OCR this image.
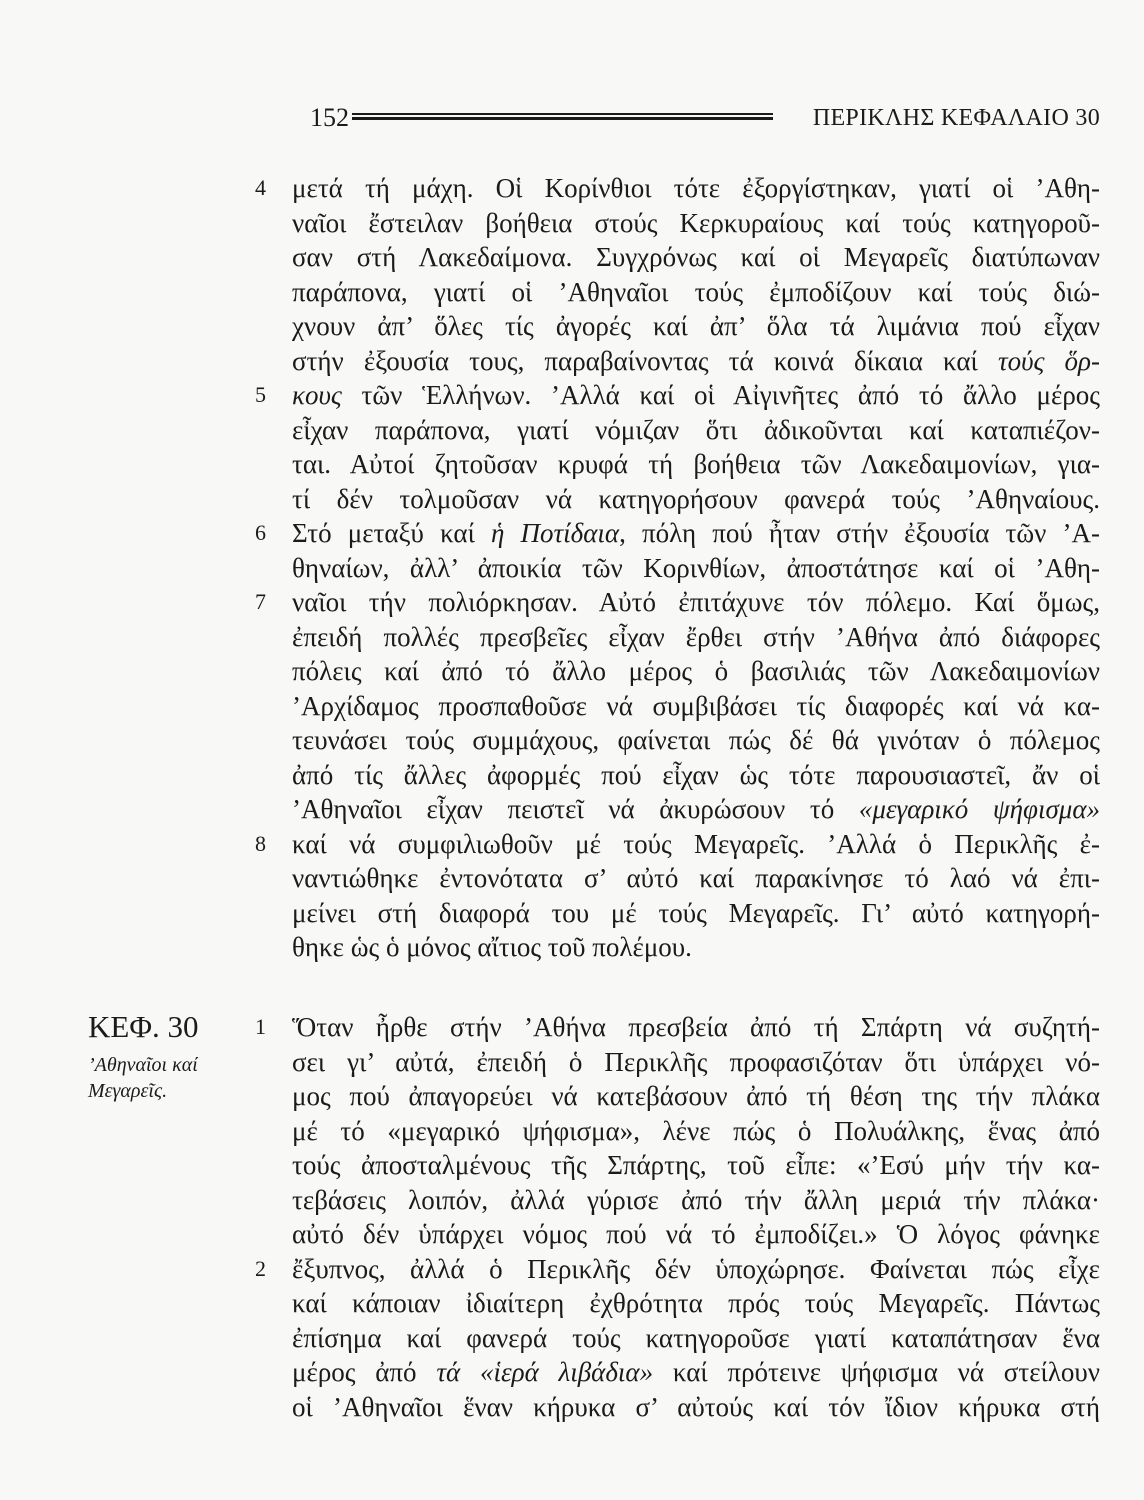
152	ΠΕΡΙΚΛΗΣ ΚΕΦΑΛΑΙΟ 30
ΚΕΦ. 30
’Αθηναῖοι καί
Μεγαρεῖς.
4 μετά τή μάχη. Οἱ Κορίνθιοι τότε ἐξοργίστηκαν, γιατί οἱ ’Αθη-
ναῖοι ἔστειλαν βοήθεια στούς Κερκυραίους καί τούς κατηγοροῦ-
σαν στή Λακεδαίμονα. Συγχρόνως καί οἱ Μεγαρεῖς διατύπωναν
παράπονα, γιατί οἱ ’Αθηναῖοι τούς ἐμποδίζουν καί τούς διώ-
χνουν ἀπ’ ὅλες τίς ἀγορές καί ἀπ’ ὅλα τά λιμάνια πού εἶχαν
στήν ἐξουσία τους, παραβαίνοντας τά κοινά δίκαια καί τούς ὅρ-
5 κους τῶν Ἑλλήνων. ’Αλλά καί οἱ Αἰγινῆτες ἀπό τό ἄλλο μέρος
εἶχαν παράπονα, γιατί νόμιζαν ὅτι ἀδικοῦνται καί καταπιέζον-
ται. Αὐτοί ζητοῦσαν κρυφά τή βοήθεια τῶν Λακεδαιμονίων, για-
τί δέν τολμοῦσαν νά κατηγορήσουν φανερά τούς ’Αθηναίους.
6 Στό μεταξύ καί ἡ Ποτίδαια, πόλη πού ἦταν στήν ἐξουσία τῶν ’Α-
θηναίων, ἀλλ’ ἀποικία τῶν Κορινθίων, ἀποστάτησε καί οἱ ’Αθη-
7 ναῖοι τήν πολιόρκησαν. Αὐτό ἐπιτάχυνε τόν πόλεμο. Καί ὅμως,
ἐπειδή πολλές πρεσβεῖες εἶχαν ἔρθει στήν ’Αθήνα ἀπό διάφορες
πόλεις καί ἀπό τό ἄλλο μέρος ὁ βασιλιάς τῶν Λακεδαιμονίων
’Αρχίδαμος προσπαθοῦσε νά συμβιβάσει τίς διαφορές καί νά κα-
τευνάσει τούς συμμάχους, φαίνεται πώς δέ θά γινόταν ὁ πόλεμος
ἀπό τίς ἄλλες ἀφορμές πού εἶχαν ὡς τότε παρουσιαστεῖ, ἄν οἱ
’Αθηναῖοι εἶχαν πειστεῖ νά ἀκυρώσουν τό «μεγαρικό ψήφισμα»
8 καί νά συμφιλιωθοῦν μέ τούς Μεγαρεῖς. ’Αλλά ὁ Περικλῆς ἐ-
ναντιώθηκε ἐντονότατα σ’ αὐτό καί παρακίνησε τό λαό νά ἐπι-
μείνει στή διαφορά του μέ τούς Μεγαρεῖς. Γι’ αὐτό κατηγορή-
θηκε ὡς ὁ μόνος αἴτιος τοῦ πολέμου.
1 Ὅταν ἦρθε στήν ’Αθήνα πρεσβεία ἀπό τή Σπάρτη νά συζητή-
σει γι’ αὐτά, ἐπειδή ὁ Περικλῆς προφασιζόταν ὅτι ὑπάρχει νό-
μος πού ἀπαγορεύει νά κατεβάσουν ἀπό τή θέση της τήν πλάκα
μέ τό «μεγαρικό ψήφισμα», λένε πώς ὁ Πολυάλκης, ἕνας ἀπό
τούς ἀποσταλμένους τῆς Σπάρτης, τοῦ εἶπε: «’Εσύ μήν τήν κα-
τεβάσεις λοιπόν, ἀλλά γύρισε ἀπό τήν ἄλλη μεριά τήν πλάκα·
αὐτό δέν ὑπάρχει νόμος πού νά τό ἐμποδίζει.» Ὁ λόγος φάνηκε
2 ἔξυπνος, ἀλλά ὁ Περικλῆς δέν ὑποχώρησε. Φαίνεται πώς εἶχε
καί κάποιαν ἰδιαίτερη ἐχθρότητα πρός τούς Μεγαρεῖς. Πάντως
ἐπίσημα καί φανερά τούς κατηγοροῦσε γιατί καταπάτησαν ἕνα
μέρος ἀπό τά «ἱερά λιβάδια» καί πρότεινε ψήφισμα νά στείλουν
οἱ ’Αθηναῖοι ἕναν κήρυκα σ’ αὐτούς καί τόν ἴδιον κήρυκα στή
